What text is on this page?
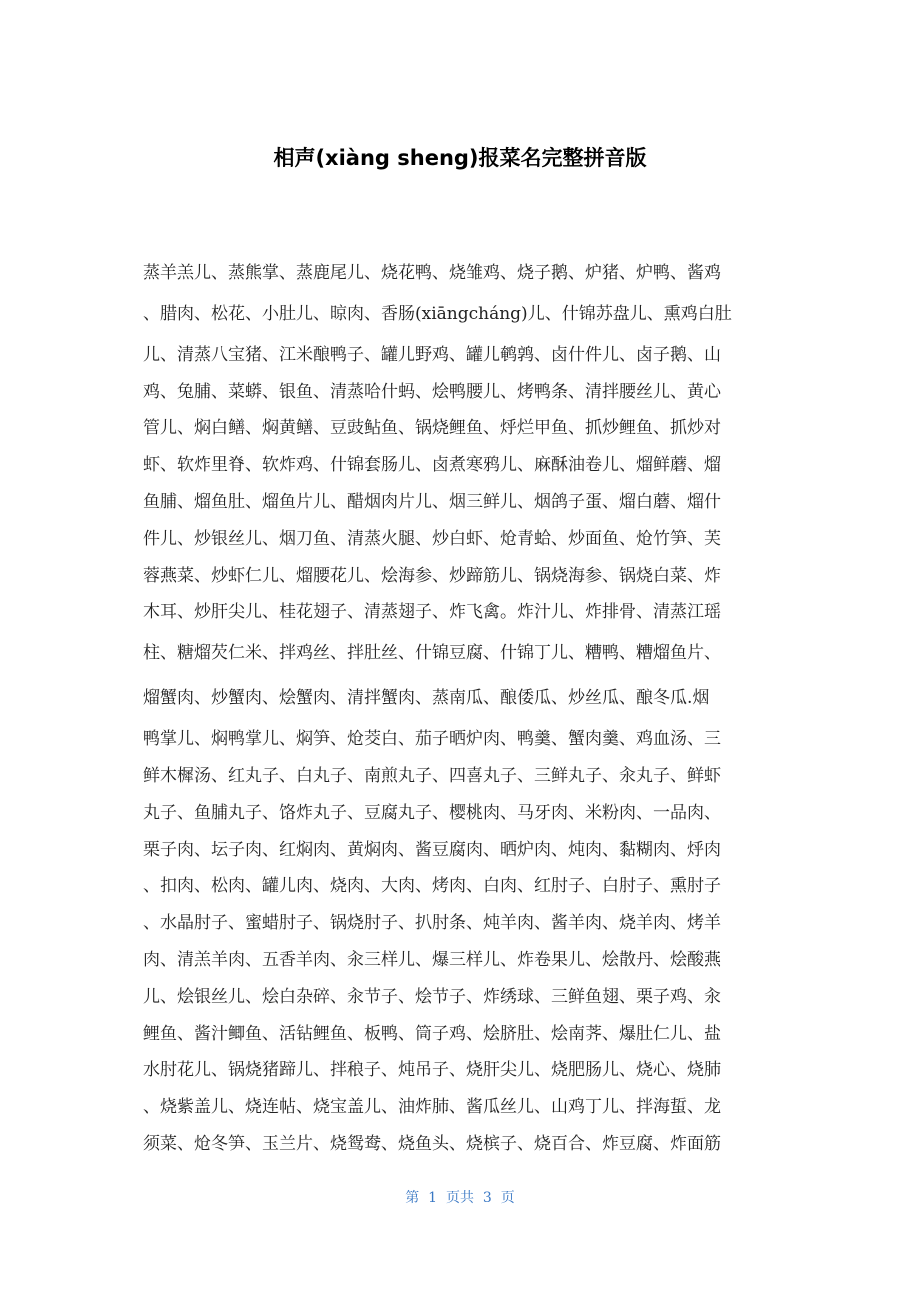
相声(xiàng sheng)报菜名完整拼音版
蒸羊羔儿、蒸熊掌、蒸鹿尾儿、烧花鸭、烧雏鸡、烧子鹅、炉猪、炉鸭、酱鸡
、腊肉、松花、小肚儿、晾肉、香肠(xiāngcháng)儿、什锦苏盘儿、熏鸡白肚
儿、清蒸八宝猪、江米酿鸭子、罐儿野鸡、罐儿鹌鹑、卤什件儿、卤子鹅、山
鸡、兔脯、菜蟒、银鱼、清蒸哈什蚂、烩鸭腰儿、烤鸭条、清拌腰丝儿、黄心
管儿、焖白鳝、焖黄鳝、豆豉鲇鱼、锅烧鲤鱼、烀烂甲鱼、抓炒鲤鱼、抓炒对
虾、软炸里脊、软炸鸡、什锦套肠儿、卤煮寒鸦儿、麻酥油卷儿、熘鲜蘑、熘
鱼脯、熘鱼肚、熘鱼片儿、醋烟肉片儿、烟三鲜儿、烟鸽子蛋、熘白蘑、熘什
件儿、炒银丝儿、烟刀鱼、清蒸火腿、炒白虾、炝青蛤、炒面鱼、炝竹笋、芙
蓉燕菜、炒虾仁儿、熘腰花儿、烩海参、炒蹄筋儿、锅烧海参、锅烧白菜、炸
木耳、炒肝尖儿、桂花翅子、清蒸翅子、炸飞禽。炸汁儿、炸排骨、清蒸江瑶
柱、糖熘芡仁米、拌鸡丝、拌肚丝、什锦豆腐、什锦丁儿、糟鸭、糟熘鱼片、
熘蟹肉、炒蟹肉、烩蟹肉、清拌蟹肉、蒸南瓜、酿倭瓜、炒丝瓜、酿冬瓜.烟
鸭掌儿、焖鸭掌儿、焖笋、炝茭白、茄子晒炉肉、鸭羹、蟹肉羹、鸡血汤、三
鲜木樨汤、红丸子、白丸子、南煎丸子、四喜丸子、三鲜丸子、汆丸子、鲜虾
丸子、鱼脯丸子、饹炸丸子、豆腐丸子、樱桃肉、马牙肉、米粉肉、一品肉、
栗子肉、坛子肉、红焖肉、黄焖肉、酱豆腐肉、晒炉肉、炖肉、黏糊肉、烀肉
、扣肉、松肉、罐儿肉、烧肉、大肉、烤肉、白肉、红肘子、白肘子、熏肘子
、水晶肘子、蜜蜡肘子、锅烧肘子、扒肘条、炖羊肉、酱羊肉、烧羊肉、烤羊
肉、清羔羊肉、五香羊肉、汆三样儿、爆三样儿、炸卷果儿、烩散丹、烩酸燕
儿、烩银丝儿、烩白杂碎、汆节子、烩节子、炸绣球、三鲜鱼翅、栗子鸡、汆
鲤鱼、酱汁鲫鱼、活钻鲤鱼、板鸭、筒子鸡、烩脐肚、烩南荠、爆肚仁儿、盐
水肘花儿、锅烧猪蹄儿、拌稂子、炖吊子、烧肝尖儿、烧肥肠儿、烧心、烧肺
、烧紫盖儿、烧连帖、烧宝盖儿、油炸肺、酱瓜丝儿、山鸡丁儿、拌海蜇、龙
须菜、炝冬笋、玉兰片、烧鸳鸯、烧鱼头、烧槟子、烧百合、炸豆腐、炸面筋
第  1  页共  3  页
